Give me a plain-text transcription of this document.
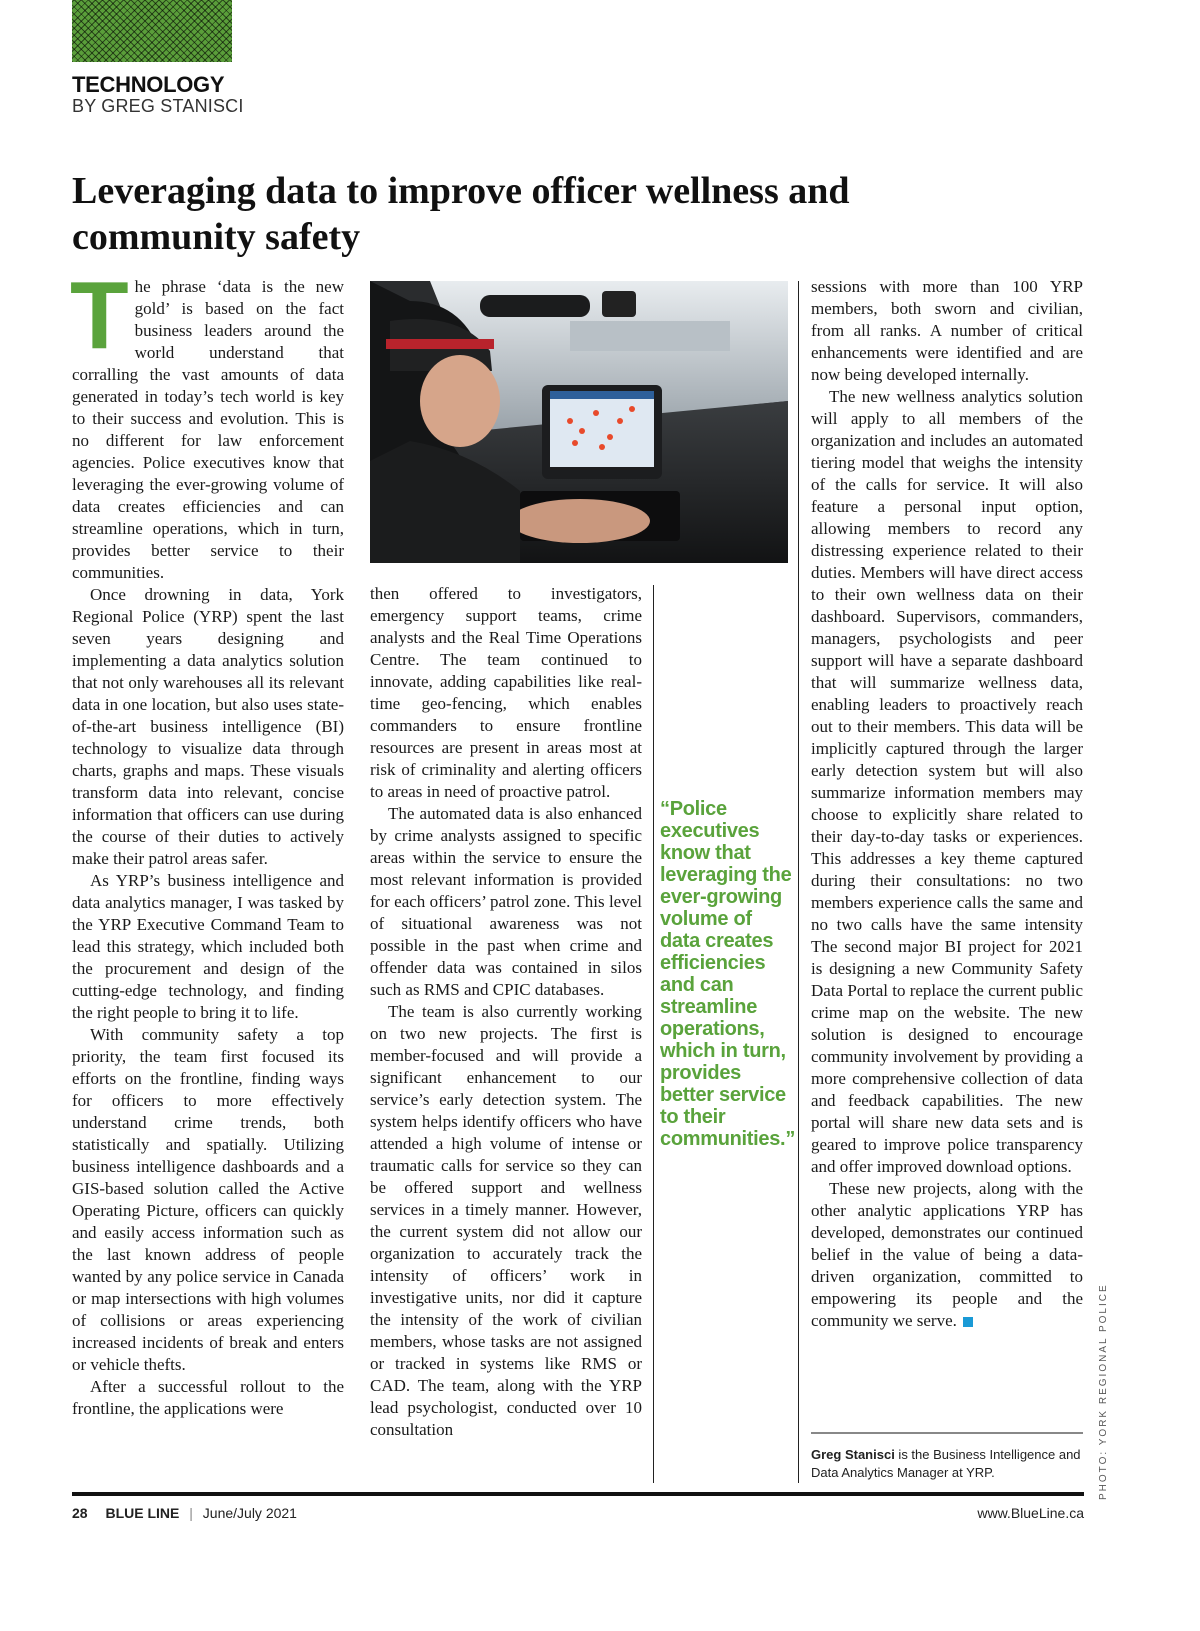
TECHNOLOGY
BY GREG STANISCI
Leveraging data to improve officer wellness and community safety

The phrase ‘data is the new gold’ is based on the fact business leaders around the world understand that corralling the vast amounts of data generated in today’s tech world is key to their success and evolution. This is no different for law enforcement agencies. Police executives know that leveraging the ever-growing volume of data creates efficiencies and can streamline operations, which in turn, provides better service to their communities.

Once drowning in data, York Regional Police (YRP) spent the last seven years designing and implementing a data analytics solution that not only warehouses all its relevant data in one location, but also uses state-of-the-art business intelligence (BI) technology to visualize data through charts, graphs and maps. These visuals transform data into relevant, concise information that officers can use during the course of their duties to actively make their patrol areas safer.

As YRP’s business intelligence and data analytics manager, I was tasked by the YRP Executive Command Team to lead this strategy, which included both the procurement and design of the cutting-edge technology, and finding the right people to bring it to life.

With community safety a top priority, the team first focused its efforts on the frontline, finding ways for officers to more effectively understand crime trends, both statistically and spatially. Utilizing business intelligence dashboards and a GIS-based solution called the Active Operating Picture, officers can quickly and easily access information such as the last known address of people wanted by any police service in Canada or map intersections with high volumes of collisions or areas experiencing increased incidents of break and enters or vehicle thefts.

After a successful rollout to the frontline, the applications were

then offered to investigators, emergency support teams, crime analysts and the Real Time Operations Centre. The team continued to innovate, adding capabilities like real-time geo-fencing, which enables commanders to ensure frontline resources are present in areas most at risk of criminality and alerting officers to areas in need of proactive patrol.

The automated data is also enhanced by crime analysts assigned to specific areas within the service to ensure the most relevant information is provided for each officers’ patrol zone. This level of situational awareness was not possible in the past when crime and offender data was contained in silos such as RMS and CPIC databases.

The team is also currently working on two new projects. The first is member-focused and will provide a significant enhancement to our service’s early detection system. The system helps identify officers who have attended a high volume of intense or traumatic calls for service so they can be offered support and wellness services in a timely manner. However, the current system did not allow our organization to accurately track the intensity of officers’ work in investigative units, nor did it capture the intensity of the work of civilian members, whose tasks are not assigned or tracked in systems like RMS or CAD. The team, along with the YRP lead psychologist, conducted over 10 consultation

“Police executives know that leveraging the ever-growing volume of data creates efficiencies and can streamline operations, which in turn, provides better service to their communities.”

sessions with more than 100 YRP members, both sworn and civilian, from all ranks. A number of critical enhancements were identified and are now being developed internally.

The new wellness analytics solution will apply to all members of the organization and includes an automated tiering model that weighs the intensity of the calls for service. It will also feature a personal input option, allowing members to record any distressing experience related to their duties. Members will have direct access to their own wellness data on their dashboard. Supervisors, commanders, managers, psychologists and peer support will have a separate dashboard that will summarize wellness data, enabling leaders to proactively reach out to their members. This data will be implicitly captured through the larger early detection system but will also summarize information members may choose to explicitly share related to their day-to-day tasks or experiences. This addresses a key theme captured during their consultations: no two members experience calls the same and no two calls have the same intensity The second major BI project for 2021 is designing a new Community Safety Data Portal to replace the current public crime map on the website. The new solution is designed to encourage community involvement by providing a more comprehensive collection of data and feedback capabilities. The new portal will share new data sets and is geared to improve police transparency and offer improved download options.

These new projects, along with the other analytic applications YRP has developed, demonstrates our continued belief in the value of being a data-driven organization, committed to empowering its people and the community we serve.

Greg Stanisci is the Business Intelligence and Data Analytics Manager at YRP.	PHOTO: YORK REGIONAL POLICE
28 BLUE LINE | June/July 2021	www.BlueLine.ca
